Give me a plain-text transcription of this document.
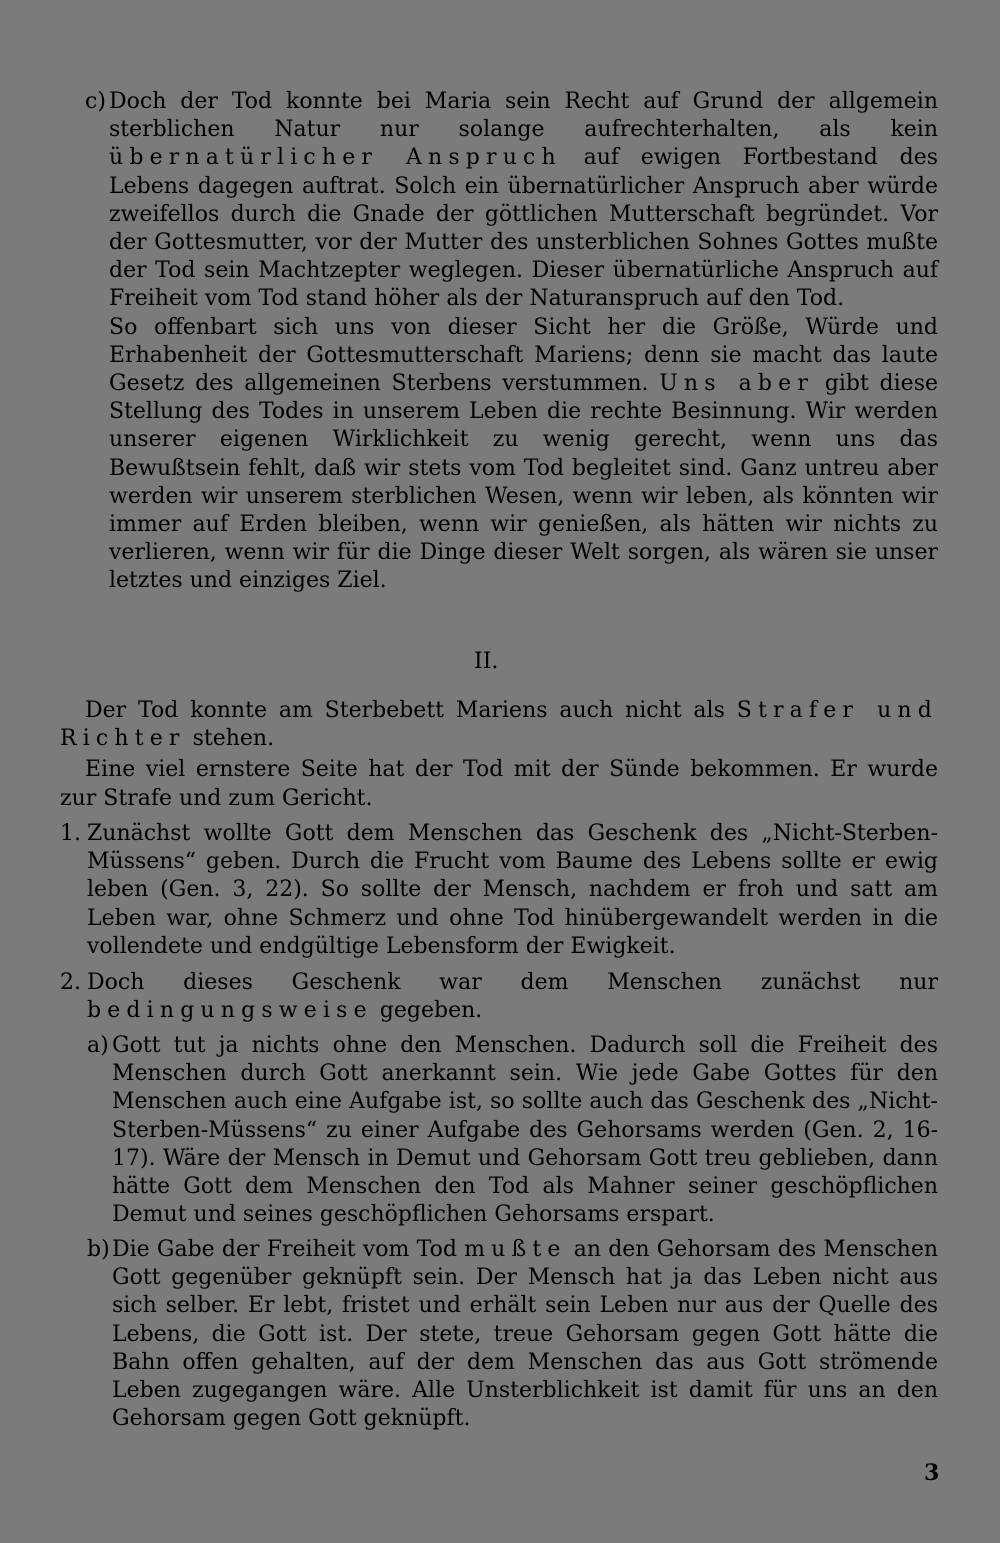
c) Doch der Tod konnte bei Maria sein Recht auf Grund der allgemein sterblichen Natur nur solange aufrechterhalten, als kein übernatürlicher Anspruch auf ewigen Fortbestand des Lebens dagegen auftrat. Solch ein übernatürlicher Anspruch aber würde zweifellos durch die Gnade der göttlichen Mutterschaft begründet. Vor der Gottesmutter, vor der Mutter des unsterblichen Sohnes Gottes mußte der Tod sein Machtzepter weglegen. Dieser übernatürliche Anspruch auf Freiheit vom Tod stand höher als der Naturanspruch auf den Tod.

So offenbart sich uns von dieser Sicht her die Größe, Würde und Erhabenheit der Gottesmutterschaft Mariens; denn sie macht das laute Gesetz des allgemeinen Sterbens verstummen. Uns aber gibt diese Stellung des Todes in unserem Leben die rechte Besinnung. Wir werden unserer eigenen Wirklichkeit zu wenig gerecht, wenn uns das Bewußtsein fehlt, daß wir stets vom Tod begleitet sind. Ganz untreu aber werden wir unserem sterblichen Wesen, wenn wir leben, als könnten wir immer auf Erden bleiben, wenn wir genießen, als hätten wir nichts zu verlieren, wenn wir für die Dinge dieser Welt sorgen, als wären sie unser letztes und einziges Ziel.

II.

Der Tod konnte am Sterbebett Mariens auch nicht als Strafer und Richter stehen.

Eine viel ernstere Seite hat der Tod mit der Sünde bekommen. Er wurde zur Strafe und zum Gericht.

1. Zunächst wollte Gott dem Menschen das Geschenk des „Nicht-Sterben-Müssens“ geben. Durch die Frucht vom Baume des Lebens sollte er ewig leben (Gen. 3, 22). So sollte der Mensch, nachdem er froh und satt am Leben war, ohne Schmerz und ohne Tod hinübergewandelt werden in die vollendete und endgültige Lebensform der Ewigkeit.
2. Doch dieses Geschenk war dem Menschen zunächst nur bedingungsweise gegeben.
a) Gott tut ja nichts ohne den Menschen. Dadurch soll die Freiheit des Menschen durch Gott anerkannt sein. Wie jede Gabe Gottes für den Menschen auch eine Aufgabe ist, so sollte auch das Geschenk des „Nicht-Sterben-Müssens“ zu einer Aufgabe des Gehorsams werden (Gen. 2, 16-17). Wäre der Mensch in Demut und Gehorsam Gott treu geblieben, dann hätte Gott dem Menschen den Tod als Mahner seiner geschöpflichen Demut und seines geschöpflichen Gehorsams erspart.
b) Die Gabe der Freiheit vom Tod mußte an den Gehorsam des Menschen Gott gegenüber geknüpft sein. Der Mensch hat ja das Leben nicht aus sich selber. Er lebt, fristet und erhält sein Leben nur aus der Quelle des Lebens, die Gott ist. Der stete, treue Gehorsam gegen Gott hätte die Bahn offen gehalten, auf der dem Menschen das aus Gott strömende Leben zugegangen wäre. Alle Unsterblichkeit ist damit für uns an den Gehorsam gegen Gott geknüpft.
3
